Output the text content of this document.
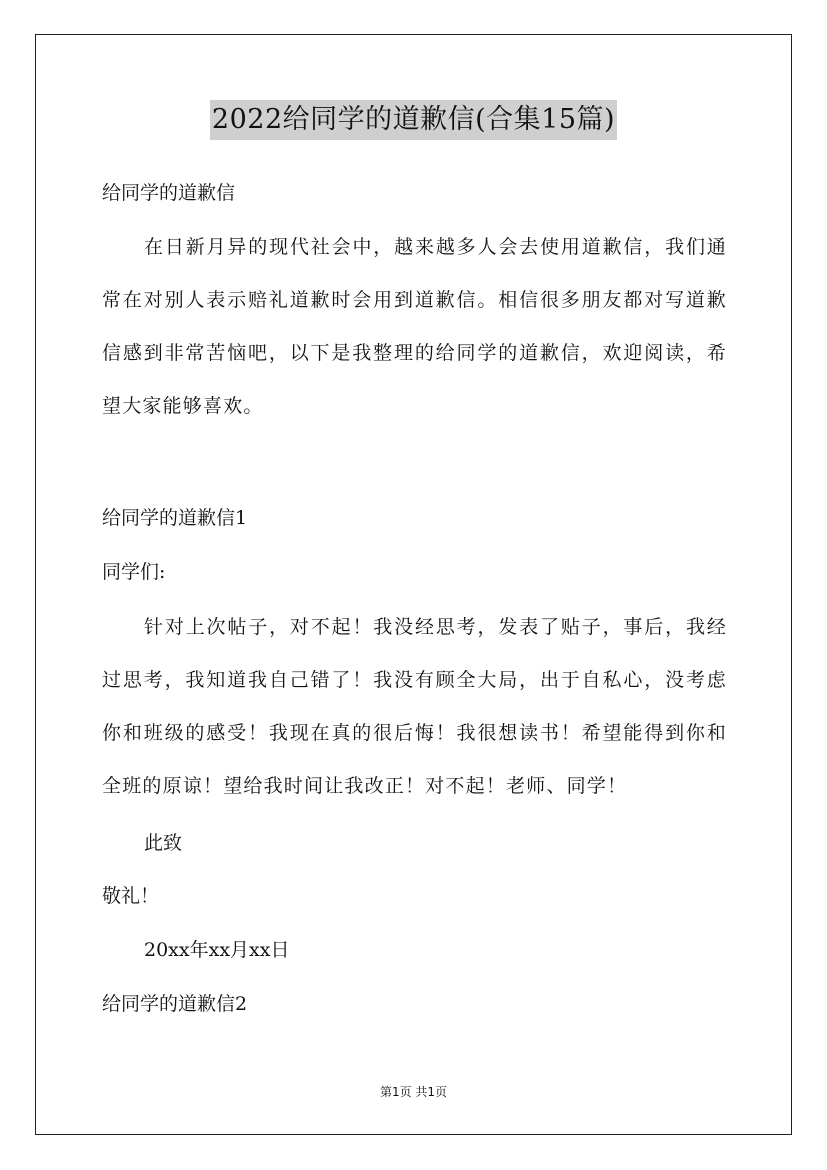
2022给同学的道歉信(合集15篇)
给同学的道歉信
在日新月异的现代社会中，越来越多人会去使用道歉信，我们通常在对别人表示赔礼道歉时会用到道歉信。相信很多朋友都对写道歉信感到非常苦恼吧，以下是我整理的给同学的道歉信，欢迎阅读，希望大家能够喜欢。
给同学的道歉信1
同学们:
针对上次帖子，对不起！我没经思考，发表了贴子，事后，我经过思考，我知道我自己错了！我没有顾全大局，出于自私心，没考虑你和班级的感受！我现在真的很后悔！我很想读书！希望能得到你和全班的原谅！望给我时间让我改正！对不起！老师、同学！
此致
敬礼！
20xx年xx月xx日
给同学的道歉信2
第1页 共1页
